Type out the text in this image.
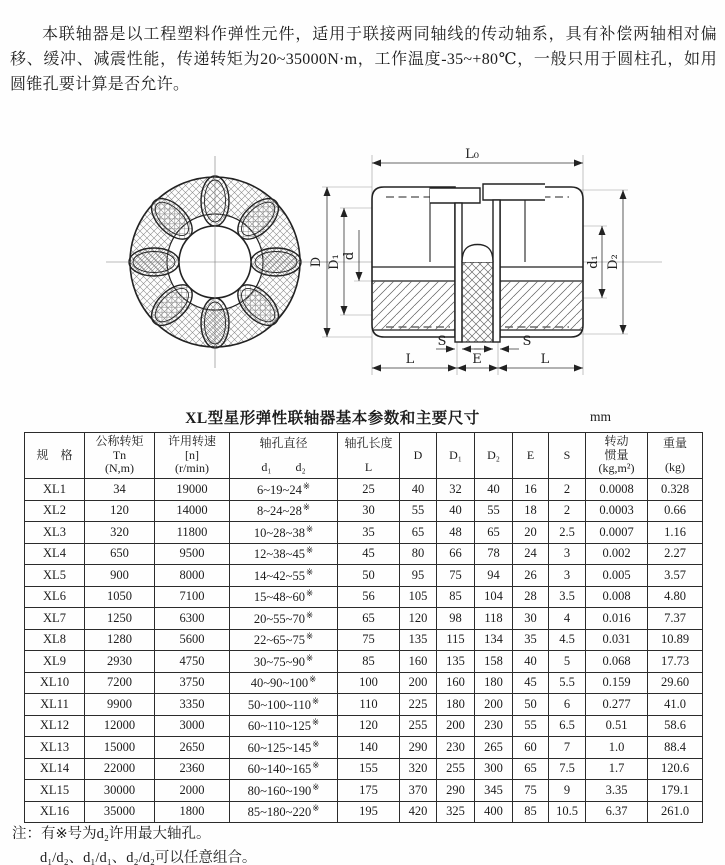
本联轴器是以工程塑料作弹性元件，适用于联接两同轴线的传动轴系，具有补偿两轴相对偏移、缓冲、减震性能，传递转矩为20~35000N·m，工作温度-35~+80℃，一般只用于圆柱孔，如用圆锥孔要计算是否允许。

L₀
D D₁ d	d₁ D₂
S	S
L	E	L
XL型星形弹性联轴器基本参数和主要尺寸	mm
规　格

公称转矩
Tn
(N,m)

许用转速
[n]
(r/min)

轴孔直径
d₁　　d₂

轴孔长度
L

D	D₁	D₂	E	S

转动
惯量
(kg,m²)

重量
(kg)

XL1	34	19000	6~19~24※	25	40	32	40	16	2	0.0008	0.328
XL2	120	14000	8~24~28※	30	55	40	55	18	2	0.0003	0.66
XL3	320	11800	10~28~38※	35	65	48	65	20	2.5	0.0007	1.16
XL4	650	9500	12~38~45※	45	80	66	78	24	3	0.002	2.27
XL5	900	8000	14~42~55※	50	95	75	94	26	3	0.005	3.57
XL6	1050	7100	15~48~60※	56	105	85	104	28	3.5	0.008	4.80
XL7	1250	6300	20~55~70※	65	120	98	118	30	4	0.016	7.37
XL8	1280	5600	22~65~75※	75	135	115	134	35	4.5	0.031	10.89
XL9	2930	4750	30~75~90※	85	160	135	158	40	5	0.068	17.73
XL10	7200	3750	40~90~100※	100	200	160	180	45	5.5	0.159	29.60
XL11	9900	3350	50~100~110※	110	225	180	200	50	6	0.277	41.0
XL12	12000	3000	60~110~125※	120	255	200	230	55	6.5	0.51	58.6
XL13	15000	2650	60~125~145※	140	290	230	265	60	7	1.0	88.4
XL14	22000	2360	60~140~165※	155	320	255	300	65	7.5	1.7	120.6
XL15	30000	2000	80~160~190※	175	370	290	345	75	9	3.35	179.1
XL16	35000	1800	85~180~220※	195	420	325	400	85	10.5	6.37	261.0
注：有※号为d₂许用最大轴孔。
d₁/d₂、d₁/d₁、d₂/d₂可以任意组合。
